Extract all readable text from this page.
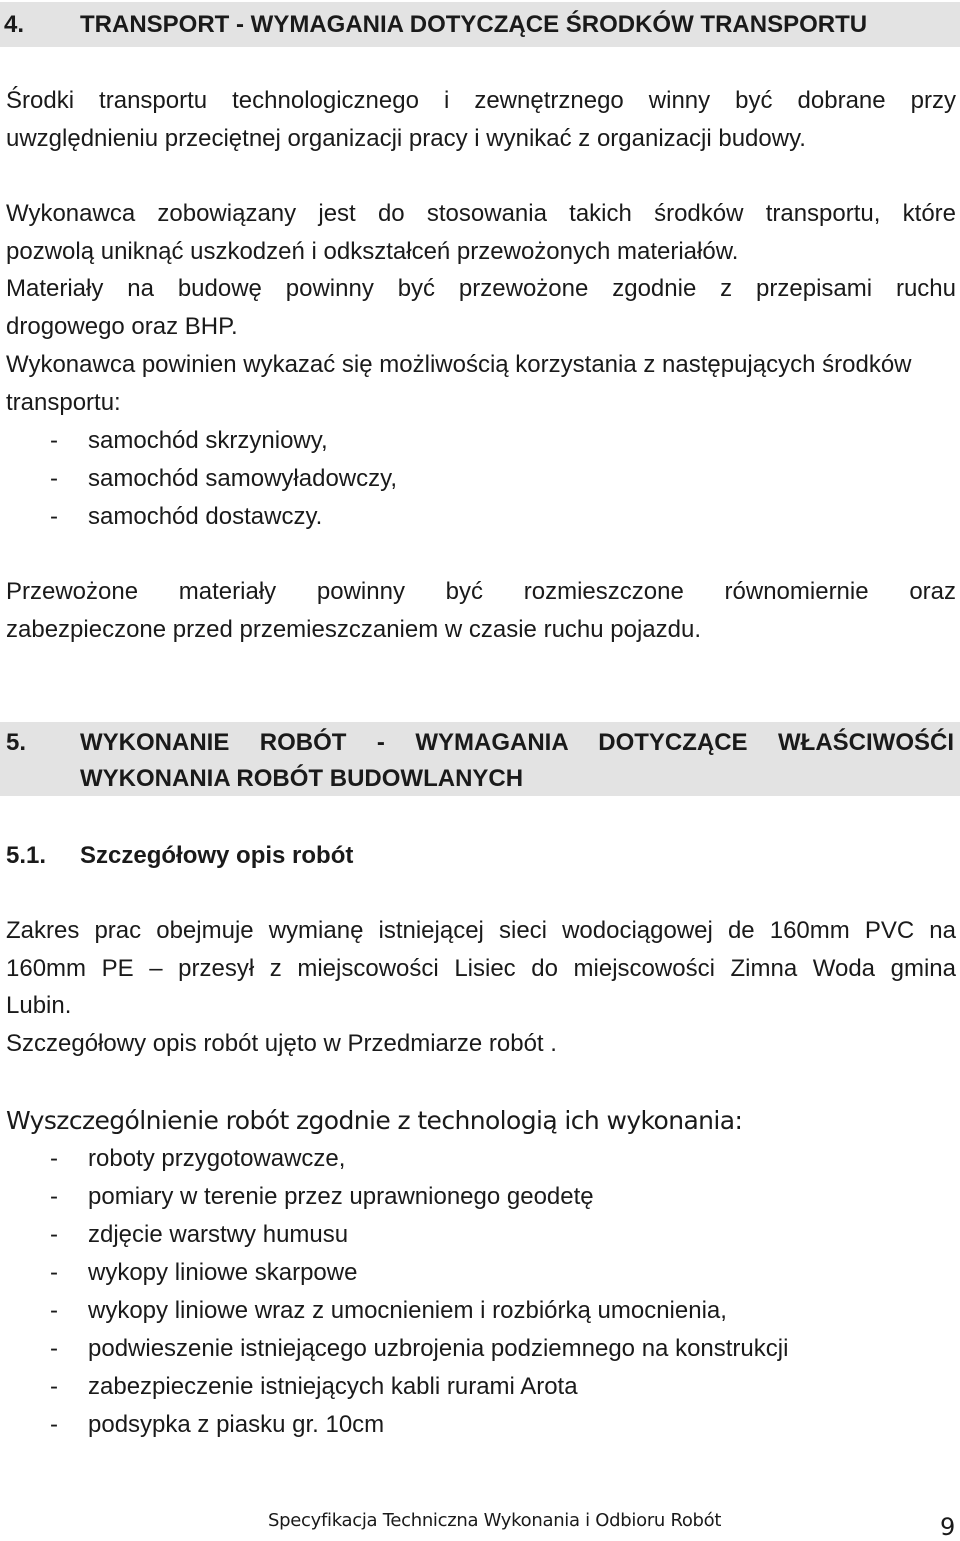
4. TRANSPORT - WYMAGANIA DOTYCZĄCE ŚRODKÓW TRANSPORTU

Środki transportu technologicznego i zewnętrznego winny być dobrane przy
uwzględnieniu przeciętnej organizacji pracy i wynikać z organizacji budowy.

Wykonawca zobowiązany jest do stosowania takich środków transportu, które
pozwolą uniknąć uszkodzeń i odkształceń przewożonych materiałów.

Materiały na budowę powinny być przewożone zgodnie z przepisami ruchu
drogowego oraz BHP.

Wykonawca powinien wykazać się możliwością korzystania z następujących środków
transportu:

- samochód skrzyniowy,
- samochód samowyładowczy,
- samochód dostawczy.

Przewożone materiały powinny być rozmieszczone równomiernie oraz
zabezpieczone przed przemieszczaniem w czasie ruchu pojazdu.

5. WYKONANIE ROBÓT - WYMAGANIA DOTYCZĄCE WŁAŚCIWOŚĆI
WYKONANIA ROBÓT BUDOWLANYCH
5.1. Szczegółowy opis robót

Zakres prac obejmuje wymianę istniejącej sieci wodociągowej de 160mm PVC na
160mm PE – przesył z miejscowości Lisiec do miejscowości Zimna Woda gmina
Lubin.
Szczegółowy opis robót ujęto w Przedmiarze robót .

Wyszczególnienie robót zgodnie z technologią ich wykonania:
- roboty przygotowawcze,
- pomiary w terenie przez uprawnionego geodetę
- zdjęcie warstwy humusu
- wykopy liniowe skarpowe
- wykopy liniowe wraz z umocnieniem i rozbiórką umocnienia,
- podwieszenie istniejącego uzbrojenia podziemnego na konstrukcji
- zabezpieczenie istniejących kabli rurami Arota
- podsypka z piasku gr. 10cm
Specyfikacja Techniczna Wykonania i Odbioru Robót	9
